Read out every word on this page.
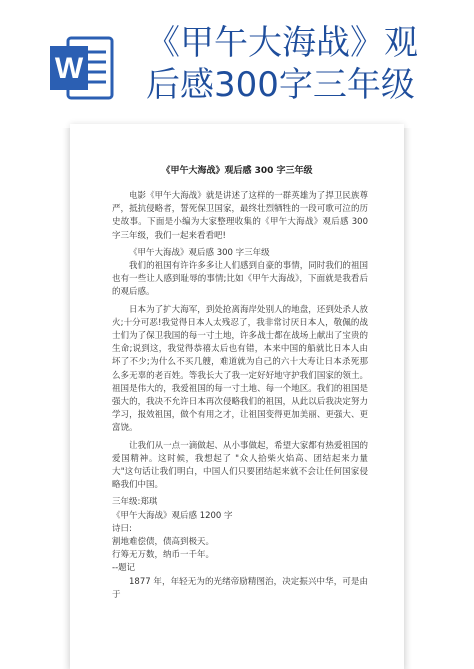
W
《甲午大海战》观
后感300字三年级
《甲午大海战》观后感 300 字三年级

电影《甲午大海战》就是讲述了这样的一群英雄为了捍卫民族尊严，抵抗侵略者，誓死保卫国家，最终壮烈牺牲的一段可歌可泣的历史故事。下面是小编为大家整理收集的《甲午大海战》观后感 300 字三年级，我们一起来看看吧!

《甲午大海战》观后感 300 字三年级

我们的祖国有许许多多让人们感到自豪的事情，同时我们的祖国也有一些让人感到耻辱的事情;比如《甲午大海战》，下面就是我看后的观后感。

日本为了扩大海军，到处抢离海岸处别人的地盘，还到处杀人放火;十分可恶!我觉得日本人太残忍了，我非常讨厌日本人，敬佩的战士们为了保卫我国的每一寸土地，许多战士都在战场上献出了宝贵的生命;说到这，我觉得恭禧太后也有错，本来中国的船就比日本人由坏了不少;为什么不买几艘，难道就为自己的六十大寿让日本杀死那么多无辜的老百姓。等我长大了我一定好好地守护我们国家的领土。祖国是伟大的，我爱祖国的每一寸土地、每一个地区。我们的祖国是强大的，我决不允许日本再次侵略我们的祖国，从此以后我决定努力学习，报效祖国，做个有用之才，让祖国变得更加美丽、更强大、更富饶。

让我们从一点一滴做起、从小事做起，希望大家都有热爱祖国的爱国精神。这时候，我想起了 "众人拾柴火焰高、团结起来力量大"这句话让我们明白，中国人们只要团结起来就不会让任何国家侵略我们中国。

三年级:郑琪

《甲午大海战》观后感 1200 字

诗曰:

割地难偿债，债高到极天。

行筹无万数，纳币一千年。

--题记

1877 年，年轻无为的光绪帝励精图治，决定振兴中华，可是由于
